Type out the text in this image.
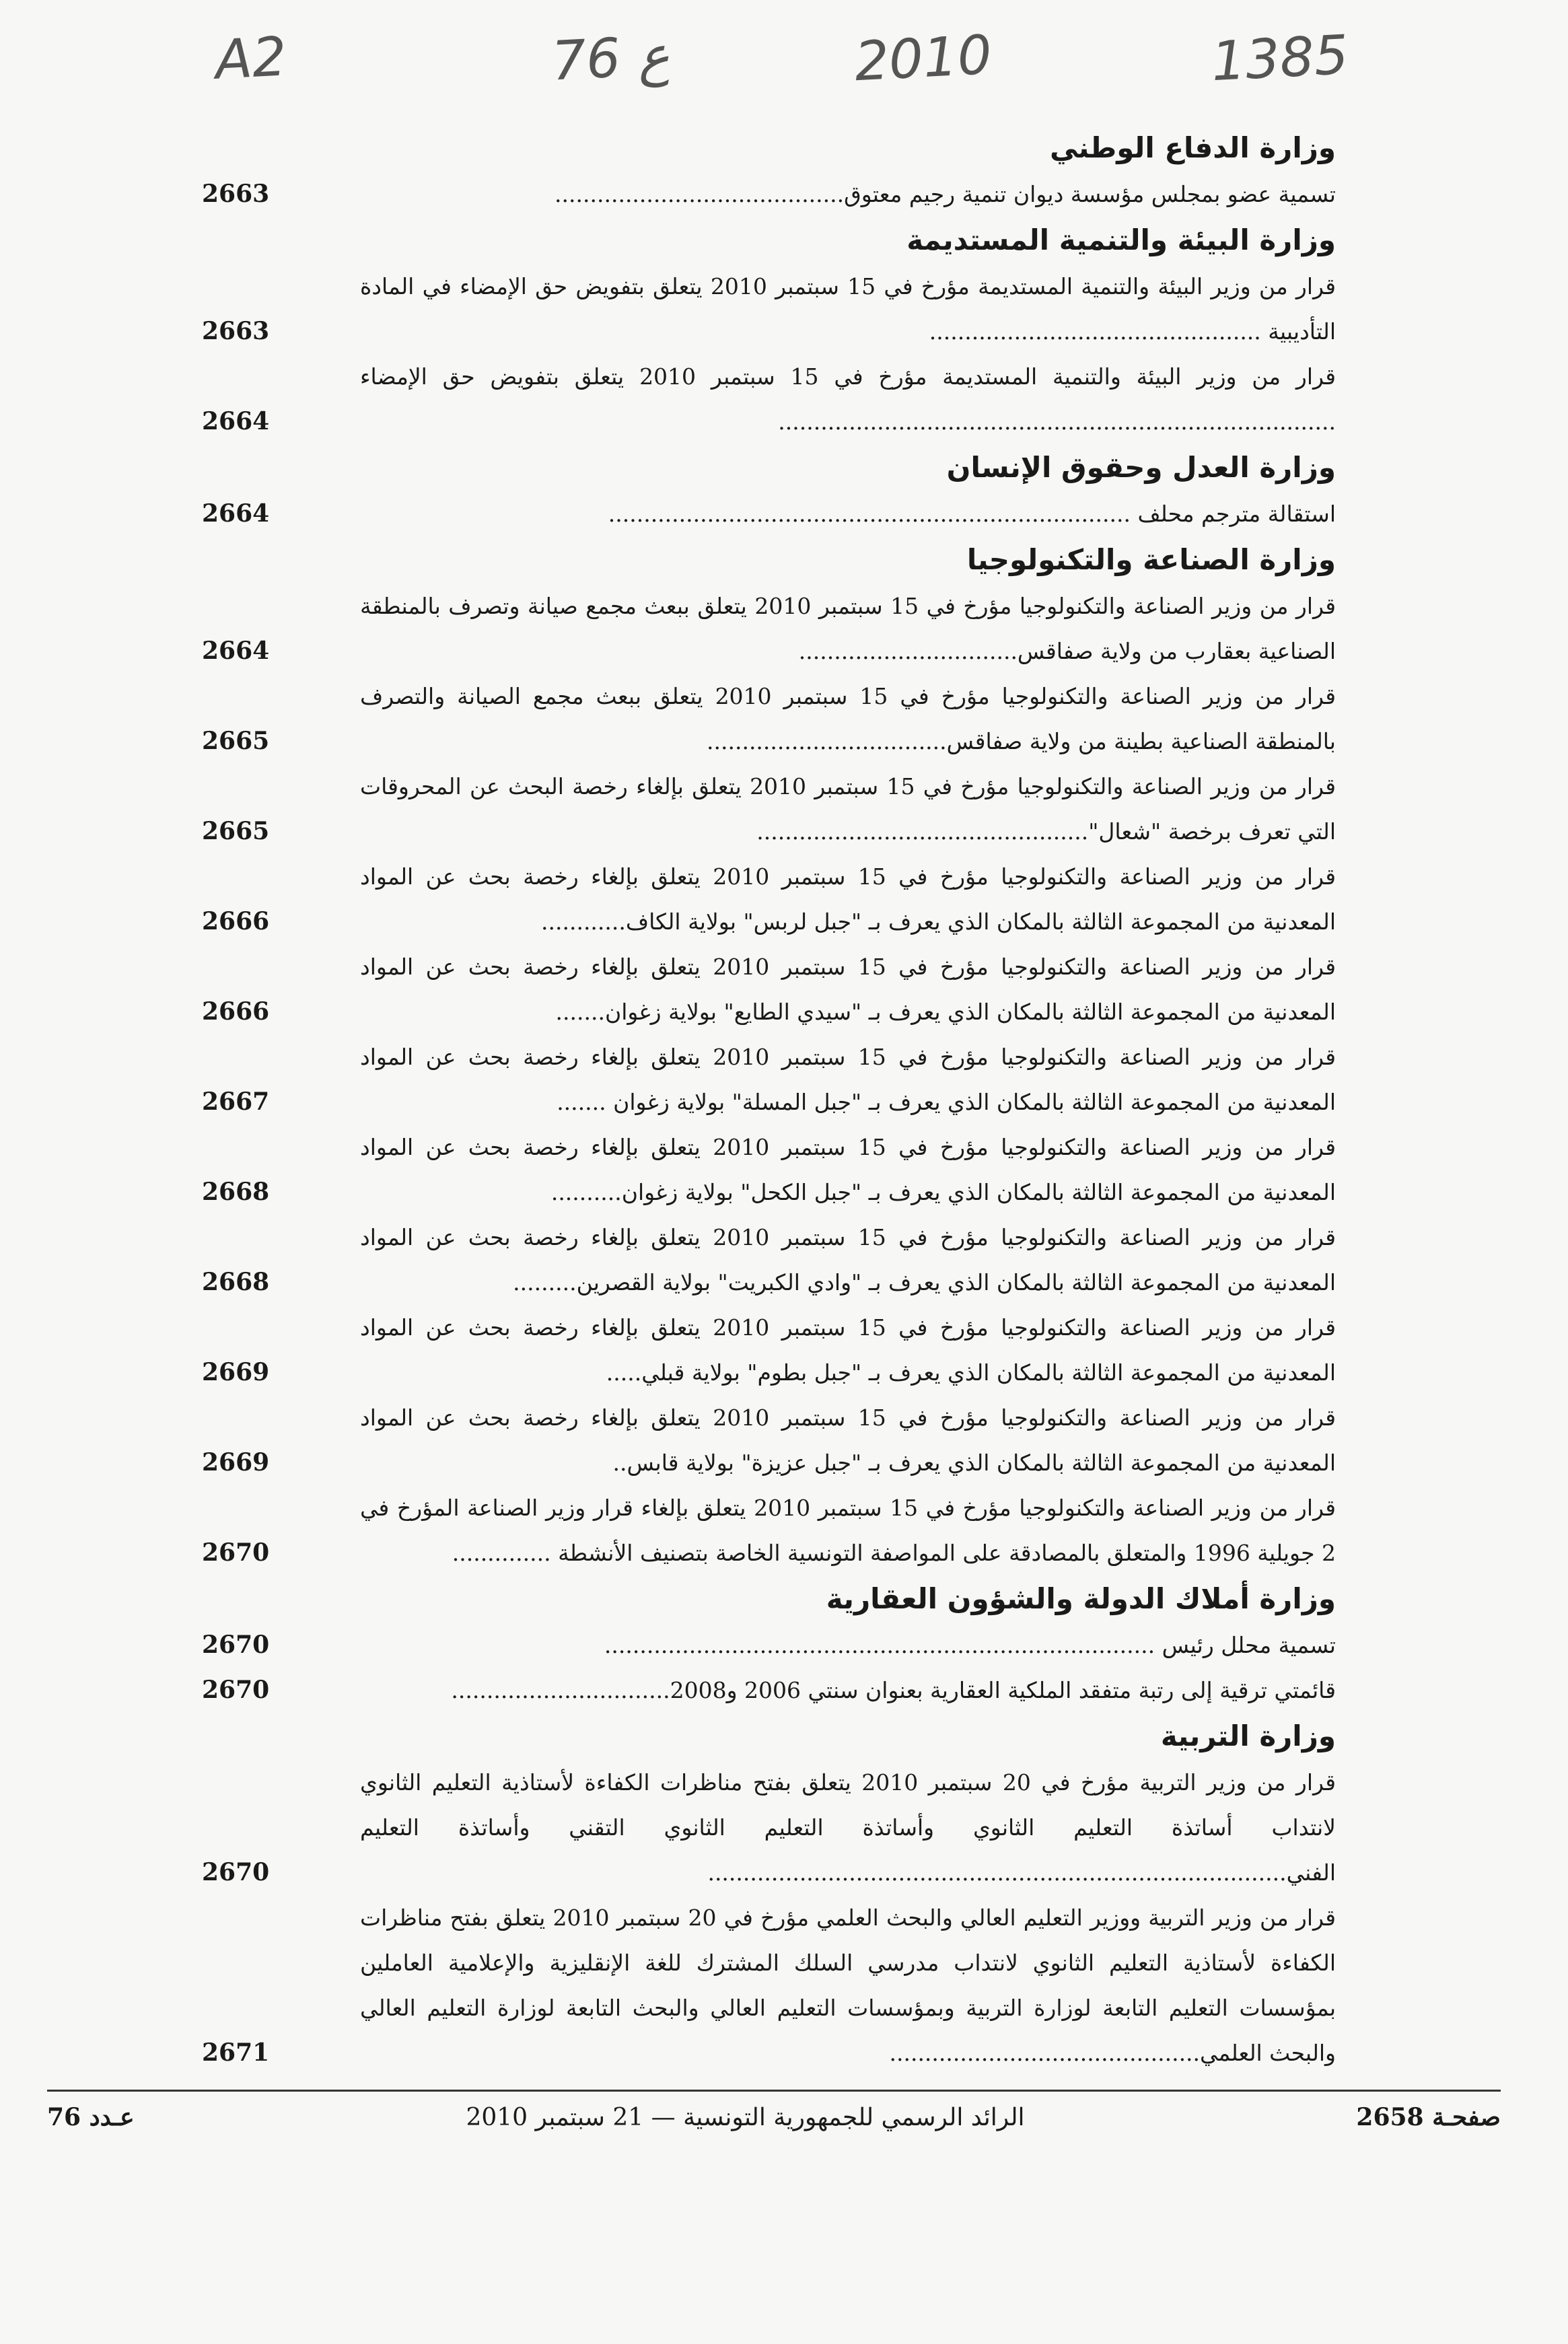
A2	76 ع	2010	1385
وزارة الدفاع الوطني
تسمية عضو بمجلس مؤسسة ديوان تنمية رجيم معتوق.........................................
2663
وزارة البيئة والتنمية المستديمة
قرار من وزير البيئة والتنمية المستديمة مؤرخ في 15 سبتمبر 2010 يتعلق بتفويض حق الإمضاء في المادة التأديبية ...............................................
2663
قرار من وزير البيئة والتنمية المستديمة مؤرخ في 15 سبتمبر 2010 يتعلق بتفويض حق الإمضاء ...............................................................................
2664
وزارة العدل وحقوق الإنسان
استقالة مترجم محلف ..........................................................................
2664
وزارة الصناعة والتكنولوجيا
قرار من وزير الصناعة والتكنولوجيا مؤرخ في 15 سبتمبر 2010 يتعلق ببعث مجمع صيانة وتصرف بالمنطقة الصناعية بعقارب من ولاية صفاقس...............................
2664
قرار من وزير الصناعة والتكنولوجيا مؤرخ في 15 سبتمبر 2010 يتعلق ببعث مجمع الصيانة والتصرف بالمنطقة الصناعية بطينة من ولاية صفاقس..................................
2665
قرار من وزير الصناعة والتكنولوجيا مؤرخ في 15 سبتمبر 2010 يتعلق بإلغاء رخصة البحث عن المحروقات التي تعرف برخصة "شعال"...............................................
2665
قرار من وزير الصناعة والتكنولوجيا مؤرخ في 15 سبتمبر 2010 يتعلق بإلغاء رخصة بحث عن المواد المعدنية من المجموعة الثالثة بالمكان الذي يعرف بـ "جبل لربس" بولاية الكاف............
2666
قرار من وزير الصناعة والتكنولوجيا مؤرخ في 15 سبتمبر 2010 يتعلق بإلغاء رخصة بحث عن المواد المعدنية من المجموعة الثالثة بالمكان الذي يعرف بـ "سيدي الطايع" بولاية زغوان.......
2666
قرار من وزير الصناعة والتكنولوجيا مؤرخ في 15 سبتمبر 2010 يتعلق بإلغاء رخصة بحث عن المواد المعدنية من المجموعة الثالثة بالمكان الذي يعرف بـ "جبل المسلة" بولاية زغوان .......
2667
قرار من وزير الصناعة والتكنولوجيا مؤرخ في 15 سبتمبر 2010 يتعلق بإلغاء رخصة بحث عن المواد المعدنية من المجموعة الثالثة بالمكان الذي يعرف بـ "جبل الكحل" بولاية زغوان..........
2668
قرار من وزير الصناعة والتكنولوجيا مؤرخ في 15 سبتمبر 2010 يتعلق بإلغاء رخصة بحث عن المواد المعدنية من المجموعة الثالثة بالمكان الذي يعرف بـ "وادي الكبريت" بولاية القصرين.........
2668
قرار من وزير الصناعة والتكنولوجيا مؤرخ في 15 سبتمبر 2010 يتعلق بإلغاء رخصة بحث عن المواد المعدنية من المجموعة الثالثة بالمكان الذي يعرف بـ "جبل بطوم" بولاية قبلي.....
2669
قرار من وزير الصناعة والتكنولوجيا مؤرخ في 15 سبتمبر 2010 يتعلق بإلغاء رخصة بحث عن المواد المعدنية من المجموعة الثالثة بالمكان الذي يعرف بـ "جبل عزيزة" بولاية قابس..
2669
قرار من وزير الصناعة والتكنولوجيا مؤرخ في 15 سبتمبر 2010 يتعلق بإلغاء قرار وزير الصناعة المؤرخ في 2 جويلية 1996 والمتعلق بالمصادقة على المواصفة التونسية الخاصة بتصنيف الأنشطة ..............
2670
وزارة أملاك الدولة والشؤون العقارية
تسمية محلل رئيس ..............................................................................
2670
قائمتي ترقية إلى رتبة متفقد الملكية العقارية بعنوان سنتي 2006 و2008...............................
2670
وزارة التربية
قرار من وزير التربية مؤرخ في 20 سبتمبر 2010 يتعلق بفتح مناظرات الكفاءة لأستاذية التعليم الثانوي لانتداب أساتذة التعليم الثانوي وأساتذة التعليم الثانوي التقني وأساتذة التعليم الفني..................................................................................
2670
قرار من وزير التربية ووزير التعليم العالي والبحث العلمي مؤرخ في 20 سبتمبر 2010 يتعلق بفتح مناظرات الكفاءة لأستاذية التعليم الثانوي لانتداب مدرسي السلك المشترك للغة الإنقليزية والإعلامية العاملين بمؤسسات التعليم التابعة لوزارة التربية وبمؤسسات التعليم العالي والبحث التابعة لوزارة التعليم العالي والبحث العلمي............................................
2671
صفحـة 2658
الرائد الرسمي للجمهورية التونسية — 21 سبتمبر 2010
عـدد 76
